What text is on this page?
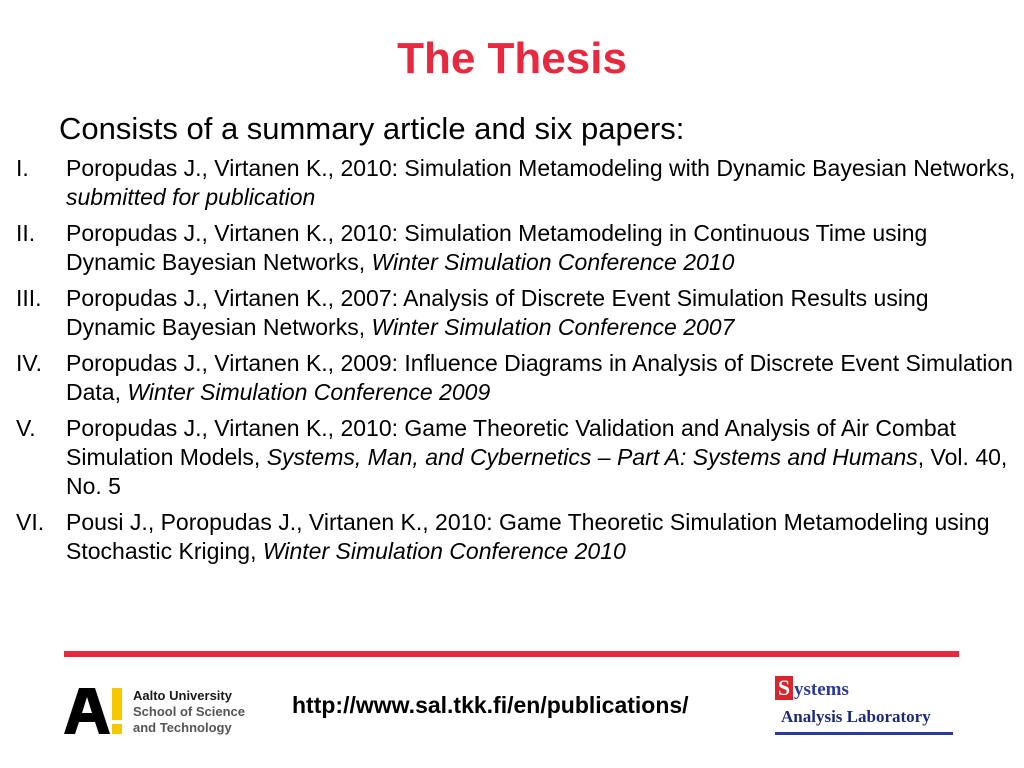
The Thesis
Consists of a summary article and six papers:
I.	Poropudas J., Virtanen K., 2010: Simulation Metamodeling with Dynamic Bayesian Networks, submitted for publication
II.	Poropudas J., Virtanen K., 2010: Simulation Metamodeling in Continuous Time using Dynamic Bayesian Networks, Winter Simulation Conference 2010
III.	Poropudas J., Virtanen K., 2007: Analysis of Discrete Event Simulation Results using Dynamic Bayesian Networks, Winter Simulation Conference 2007
IV.	Poropudas J., Virtanen K., 2009: Influence Diagrams in Analysis of Discrete Event Simulation Data, Winter Simulation Conference 2009
V.	Poropudas J., Virtanen K., 2010: Game Theoretic Validation and Analysis of Air Combat Simulation Models, Systems, Man, and Cybernetics – Part A: Systems and Humans, Vol. 40, No. 5
VI. Pousi J., Poropudas J., Virtanen K., 2010: Game Theoretic Simulation Metamodeling using Stochastic Kriging, Winter Simulation Conference 2010
Aalto University
School of Science
and Technology
http://www.sal.tkk.fi/en/publications/
S ystems
Analysis Laboratory
